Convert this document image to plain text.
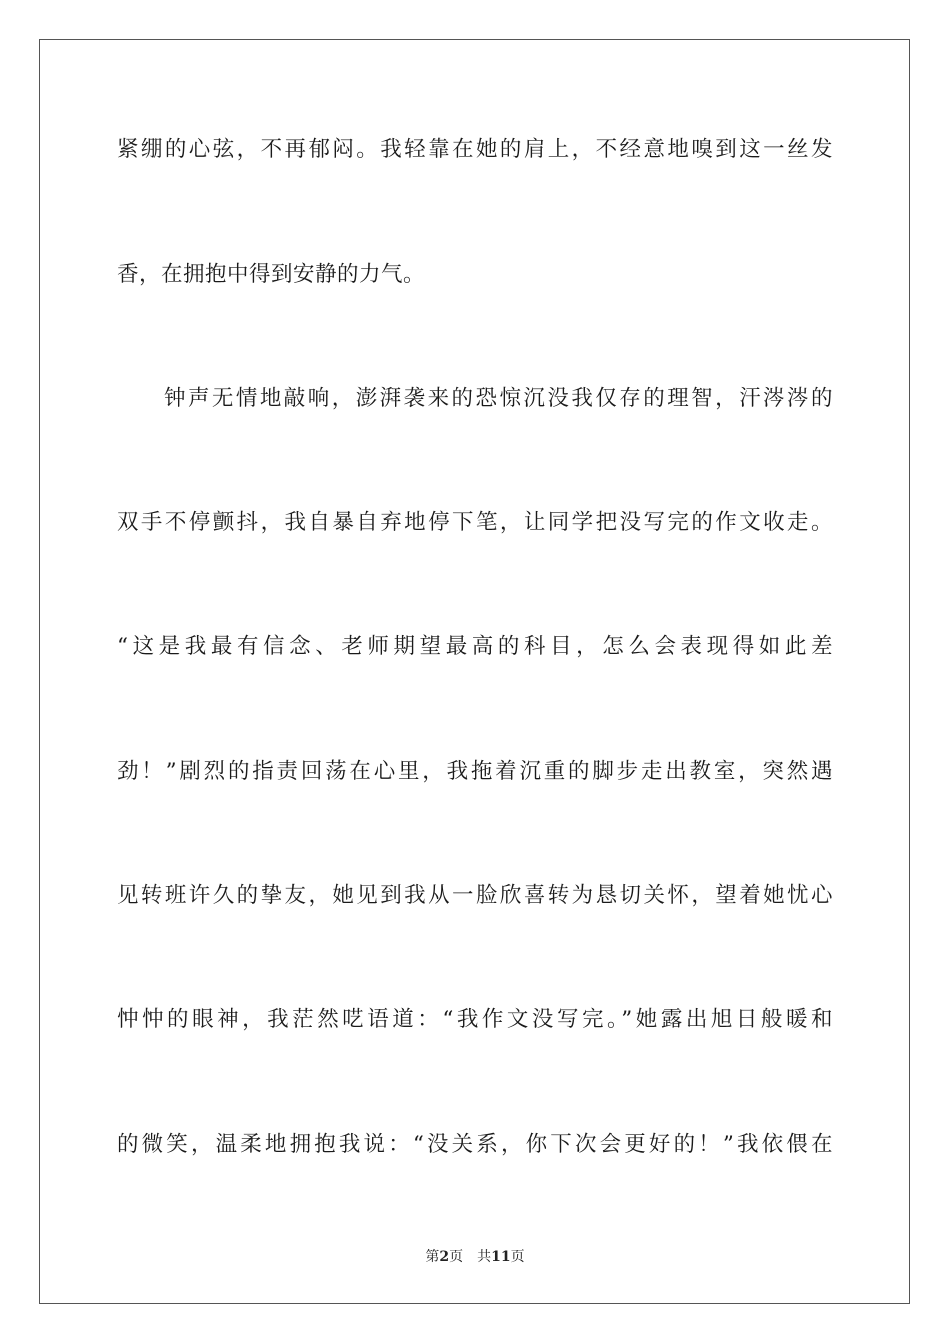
紧绷的心弦，不再郁闷。我轻靠在她的肩上，不经意地嗅到这一丝发
香，在拥抱中得到安静的力气。
钟声无情地敲响，澎湃袭来的恐惊沉没我仅存的理智，汗涔涔的
双手不停颤抖，我自暴自弃地停下笔，让同学把没写完的作文收走。
“这是我最有信念、老师期望最高的科目，怎么会表现得如此差
劲！”剧烈的指责回荡在心里，我拖着沉重的脚步走出教室，突然遇
见转班许久的挚友，她见到我从一脸欣喜转为恳切关怀，望着她忧心
忡忡的眼神，我茫然呓语道：“我作文没写完。”她露出旭日般暖和
的微笑，温柔地拥抱我说：“没关系，你下次会更好的！”我依偎在
第2页 共11页
